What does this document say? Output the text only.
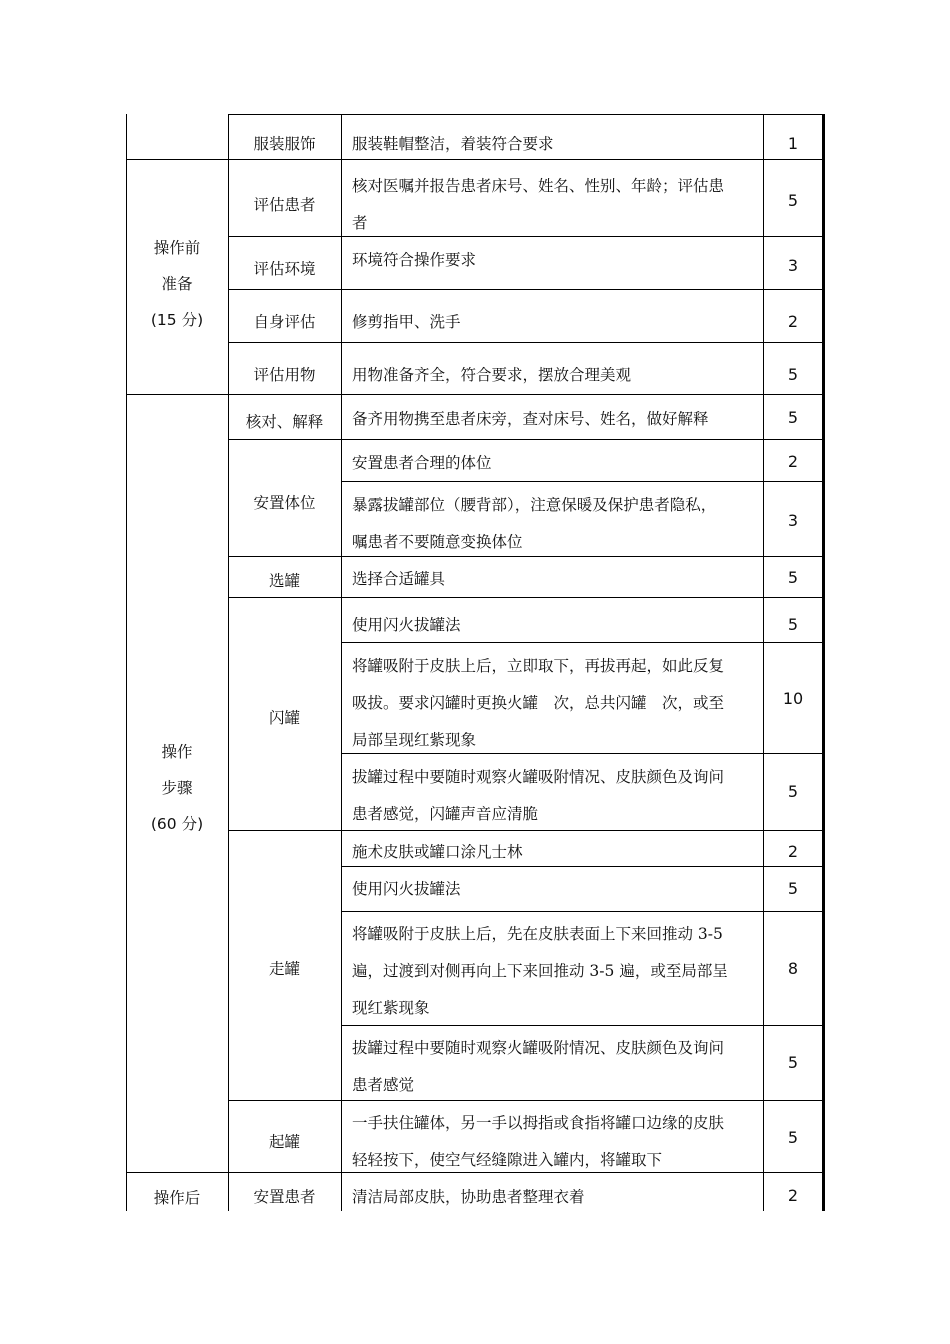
操作前
准备
(15 分)
操作
步骤
(60 分)
操作后
服装服饰
评估患者
评估环境
自身评估
评估用物
核对、解释
安置体位
选罐
闪罐
走罐
起罐
安置患者
服装鞋帽整洁，着装符合要求
核对医嘱并报告患者床号、姓名、性别、年龄；评估患
者
环境符合操作要求
修剪指甲、洗手
用物准备齐全，符合要求，摆放合理美观
备齐用物携至患者床旁，查对床号、姓名，做好解释
安置患者合理的体位
暴露拔罐部位（腰背部），注意保暖及保护患者隐私，
嘱患者不要随意变换体位
选择合适罐具
使用闪火拔罐法
将罐吸附于皮肤上后，立即取下，再拔再起，如此反复
吸拔。要求闪罐时更换火罐　次，总共闪罐　次，或至
局部呈现红紫现象
拔罐过程中要随时观察火罐吸附情况、皮肤颜色及询问
患者感觉，闪罐声音应清脆
施术皮肤或罐口涂凡士林
使用闪火拔罐法
将罐吸附于皮肤上后，先在皮肤表面上下来回推动 3-5
遍，过渡到对侧再向上下来回推动 3-5 遍，或至局部呈
现红紫现象
拔罐过程中要随时观察火罐吸附情况、皮肤颜色及询问
患者感觉
一手扶住罐体，另一手以拇指或食指将罐口边缘的皮肤
轻轻按下，使空气经缝隙进入罐内，将罐取下
清洁局部皮肤，协助患者整理衣着
1
5
3
2
5
5
2
3
5
5
10
5
2
5
8
5
5
2
